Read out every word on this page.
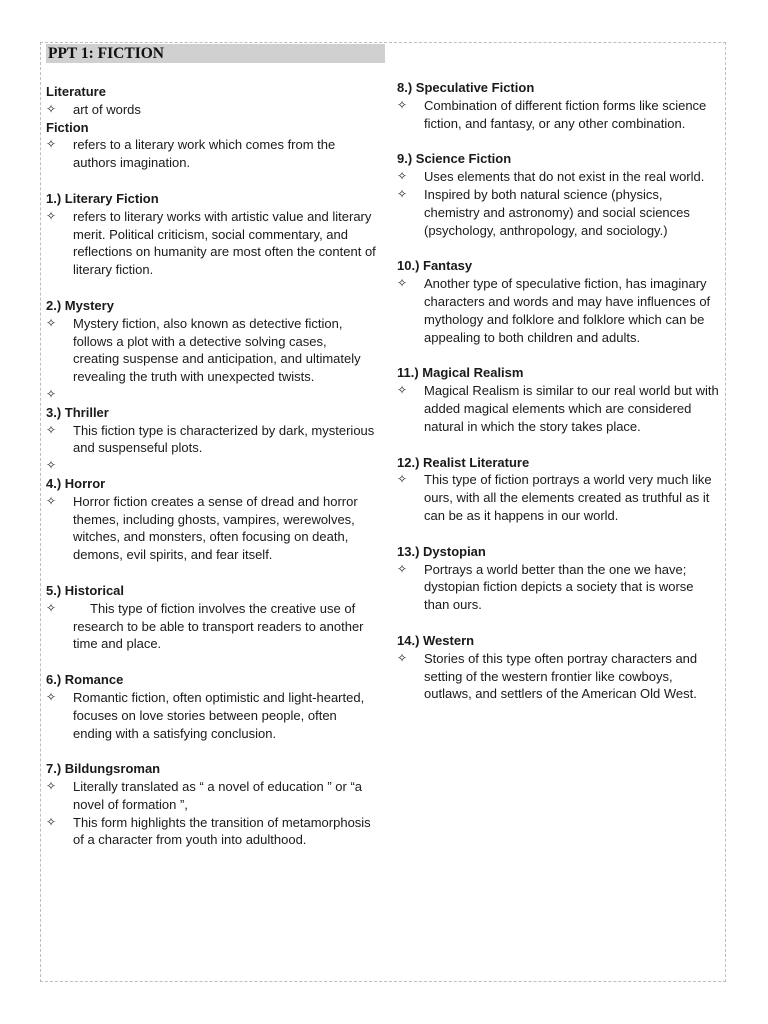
PPT 1: FICTION
Literature
✧ art of words
Fiction
✧ refers to a literary work which comes from the authors imagination.
1.) Literary Fiction
✧ refers to literary works with artistic value and literary merit. Political criticism, social commentary, and reflections on humanity are most often the content of literary fiction.
2.) Mystery
✧ Mystery fiction, also known as detective fiction, follows a plot with a detective solving cases, creating suspense and anticipation, and ultimately revealing the truth with unexpected twists.
✧

3.) Thriller
✧ This fiction type is characterized by dark, mysterious and suspenseful plots.
✧

4.) Horror
✧ Horror fiction creates a sense of dread and horror themes, including ghosts, vampires, werewolves, witches, and monsters, often focusing on death, demons, evil spirits, and fear itself.
5.) Historical
✧	This type of fiction involves the creative use of research to be able to transport readers to another time and place.
6.) Romance
✧ Romantic fiction, often optimistic and light-hearted, focuses on love stories between people, often ending with a satisfying conclusion.
7.) Bildungsroman
✧ Literally translated as “ a novel of education ” or “a novel of formation ”,
✧ This form highlights the transition of metamorphosis of a character from youth into adulthood.
8.) Speculative Fiction
✧ Combination of different fiction forms like science fiction, and fantasy, or any other combination.
9.) Science Fiction
✧ Uses elements that do not exist in the real world.
✧ Inspired by both natural science (physics, chemistry and astronomy) and social sciences (psychology, anthropology, and sociology.)
10.) Fantasy
✧ Another type of speculative fiction, has imaginary characters and words and may have influences of mythology and folklore and folklore which can be appealing to both children and adults.
11.) Magical Realism
✧ Magical Realism is similar to our real world but with added magical elements which are considered natural in which the story takes place.
12.) Realist Literature
✧ This type of fiction portrays a world very much like ours, with all the elements created as truthful as it can be as it happens in our world.
13.) Dystopian
✧ Portrays a world better than the one we have; dystopian fiction depicts a society that is worse than ours.
14.) Western
✧ Stories of this type often portray characters and setting of the western frontier like cowboys, outlaws, and settlers of the American Old West.
